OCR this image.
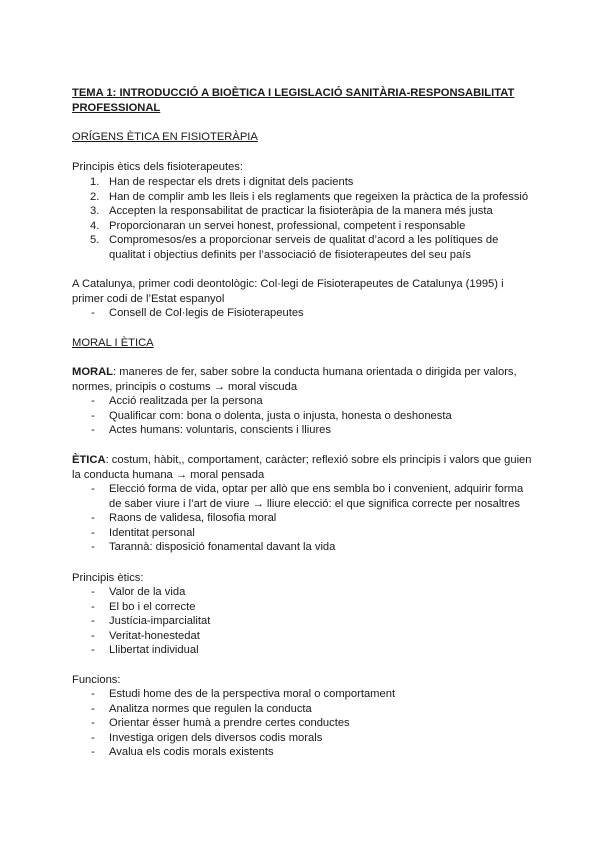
TEMA 1: INTRODUCCIÓ A BIOÈTICA I LEGISLACIÓ SANITÀRIA-RESPONSABILITAT PROFESSIONAL
ORÍGENS ÈTICA EN FISIOTERÀPIA
Principis ètics dels fisioterapeutes:
1. Han de respectar els drets i dignitat dels pacients
2. Han de complir amb les lleis i els reglaments que regeixen la pràctica de la professió
3. Accepten la responsabilitat de practicar la fisioteràpia de la manera més justa
4. Proporcionaran un servei honest, professional, competent i responsable
5. Compromesos/es a proporcionar serveis de qualitat d’acord a les polítiques de qualitat i objectius definits per l’associació de fisioterapeutes del seu país
A Catalunya, primer codi deontològic: Col·legi de Fisioterapeutes de Catalunya (1995) i primer codi de l’Estat espanyol
- Consell de Col·legis de Fisioterapeutes
MORAL I ÈTICA
MORAL: maneres de fer, saber sobre la conducta humana orientada o dirigida per valors, normes, principis o costums → moral viscuda
- Acció realitzada per la persona
- Qualificar com: bona o dolenta, justa o injusta, honesta o deshonesta
- Actes humans: voluntaris, conscients i lliures
ÈTICA: costum, hàbit,, comportament, caràcter; reflexió sobre els principis i valors que guien la conducta humana → moral pensada
- Elecció forma de vida, optar per allò que ens sembla bo i convenient, adquirir forma de saber viure i l’art de viure → lliure elecció: el que significa correcte per nosaltres
- Raons de validesa, filosofia moral
- Identitat personal
- Tarannà: disposició fonamental davant la vida
Principis ètics:
- Valor de la vida
- El bo i el correcte
- Justícia-imparcialitat
- Veritat-honestedat
- Llibertat individual
Funcions:
- Estudi home des de la perspectiva moral o comportament
- Analitza normes que regulen la conducta
- Orientar ésser humà a prendre certes conductes
- Investiga origen dels diversos codis morals
- Avalua els codis morals existents
